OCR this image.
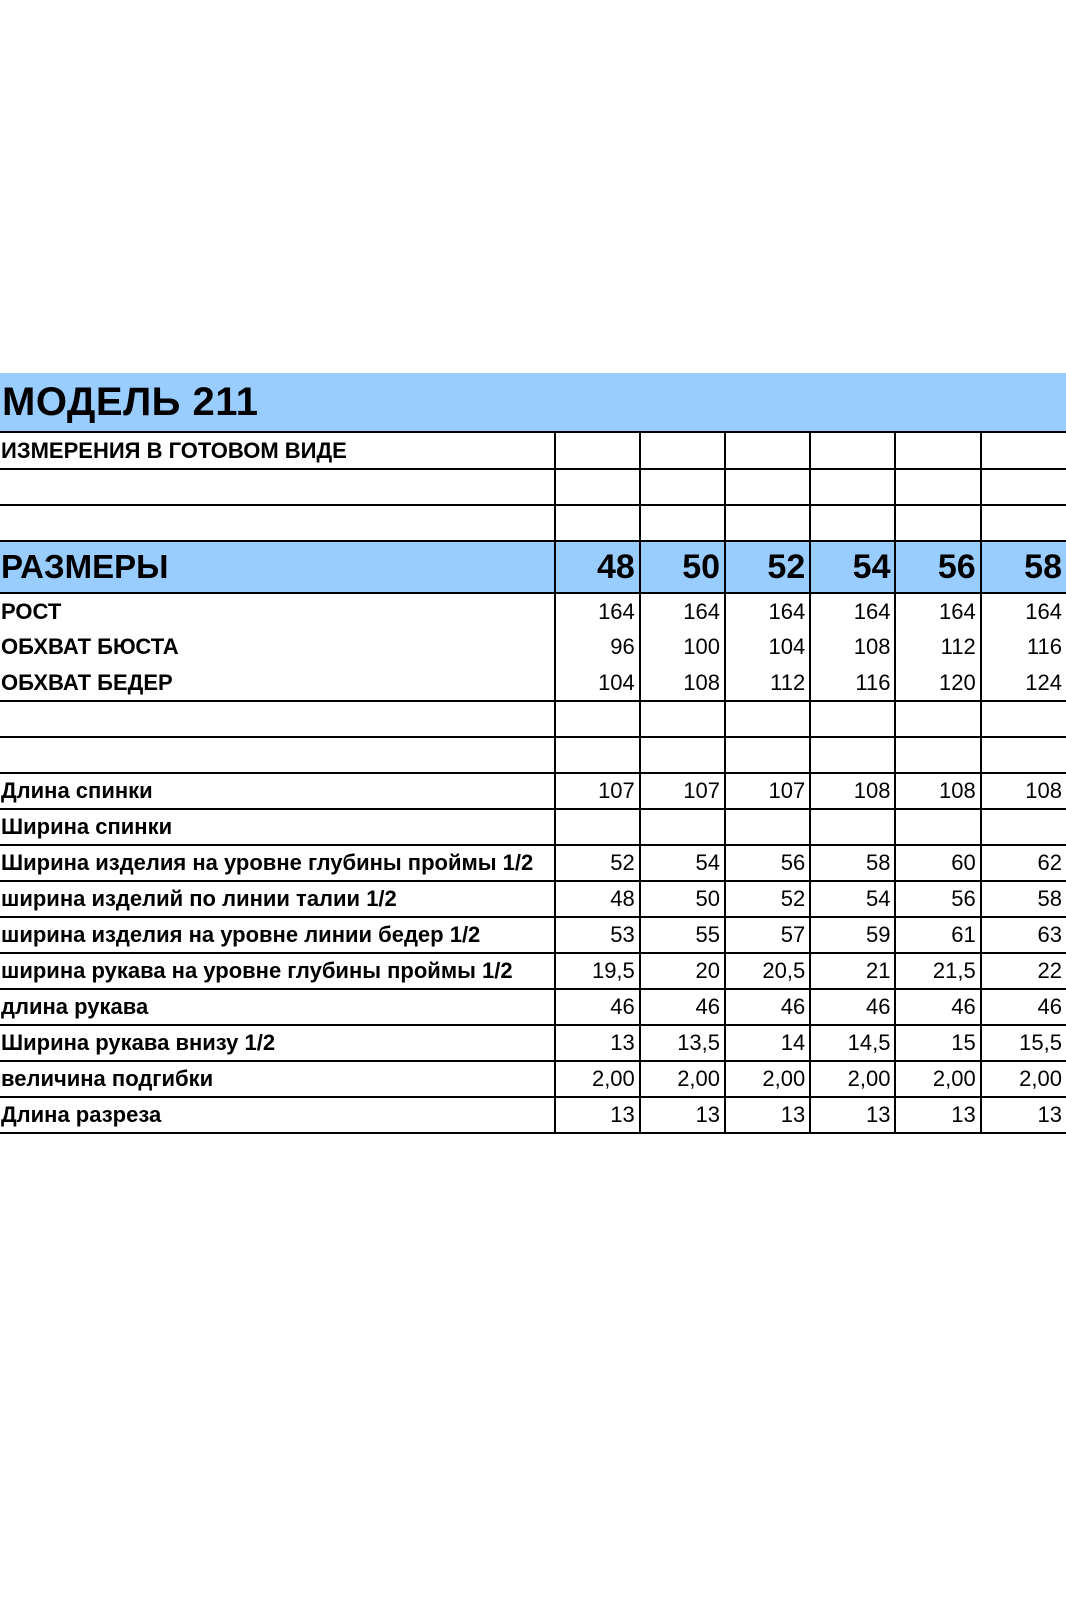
МОДЕЛЬ 211
ИЗМЕРЕНИЯ В ГОТОВОМ ВИДЕ						

РАЗМЕРЫ	48	50	52	54	56	58
РОСТ	164	164	164	164	164	164
ОБХВАТ БЮСТА	96	100	104	108	112	116
ОБХВАТ БЕДЕР	104	108	112	116	120	124

Длина спинки	107	107	107	108	108	108
Ширина спинки						
Ширина изделия на уровне глубины проймы 1/2	52	54	56	58	60	62
ширина изделий по линии талии 1/2	48	50	52	54	56	58
ширина изделия на уровне линии бедер 1/2	53	55	57	59	61	63
ширина рукава на уровне глубины проймы 1/2	19,5	20	20,5	21	21,5	22
длина рукава	46	46	46	46	46	46
Ширина рукава внизу 1/2	13	13,5	14	14,5	15	15,5
величина подгибки	2,00	2,00	2,00	2,00	2,00	2,00
Длина разреза	13	13	13	13	13	13
